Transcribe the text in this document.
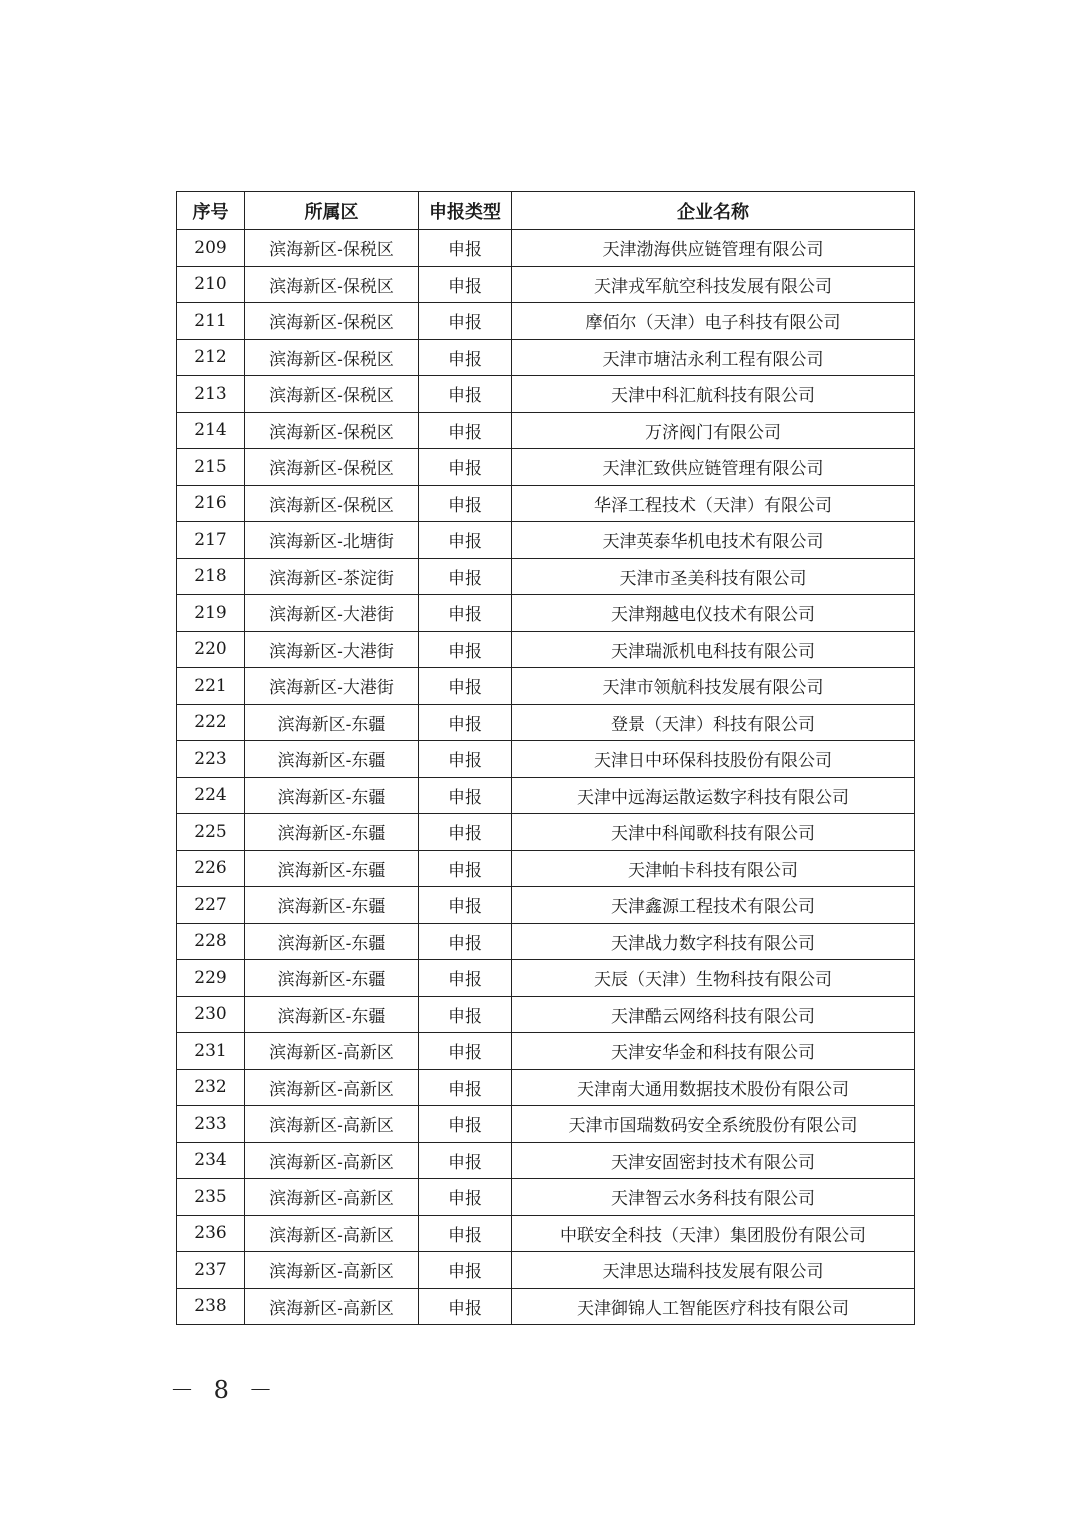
序号	所属区	申报类型	企业名称
209	滨海新区-保税区	申报	天津渤海供应链管理有限公司
210	滨海新区-保税区	申报	天津戎军航空科技发展有限公司
211	滨海新区-保税区	申报	摩佰尔（天津）电子科技有限公司
212	滨海新区-保税区	申报	天津市塘沽永利工程有限公司
213	滨海新区-保税区	申报	天津中科汇航科技有限公司
214	滨海新区-保税区	申报	万济阀门有限公司
215	滨海新区-保税区	申报	天津汇致供应链管理有限公司
216	滨海新区-保税区	申报	华泽工程技术（天津）有限公司
217	滨海新区-北塘街	申报	天津英泰华机电技术有限公司
218	滨海新区-茶淀街	申报	天津市圣美科技有限公司
219	滨海新区-大港街	申报	天津翔越电仪技术有限公司
220	滨海新区-大港街	申报	天津瑞派机电科技有限公司
221	滨海新区-大港街	申报	天津市领航科技发展有限公司
222	滨海新区-东疆	申报	登景（天津）科技有限公司
223	滨海新区-东疆	申报	天津日中环保科技股份有限公司
224	滨海新区-东疆	申报	天津中远海运散运数字科技有限公司
225	滨海新区-东疆	申报	天津中科闻歌科技有限公司
226	滨海新区-东疆	申报	天津帕卡科技有限公司
227	滨海新区-东疆	申报	天津鑫源工程技术有限公司
228	滨海新区-东疆	申报	天津战力数字科技有限公司
229	滨海新区-东疆	申报	天辰（天津）生物科技有限公司
230	滨海新区-东疆	申报	天津酷云网络科技有限公司
231	滨海新区-高新区	申报	天津安华金和科技有限公司
232	滨海新区-高新区	申报	天津南大通用数据技术股份有限公司
233	滨海新区-高新区	申报	天津市国瑞数码安全系统股份有限公司
234	滨海新区-高新区	申报	天津安固密封技术有限公司
235	滨海新区-高新区	申报	天津智云水务科技有限公司
236	滨海新区-高新区	申报	中联安全科技（天津）集团股份有限公司
237	滨海新区-高新区	申报	天津思达瑞科技发展有限公司
238	滨海新区-高新区	申报	天津御锦人工智能医疗科技有限公司
－ 8 －
